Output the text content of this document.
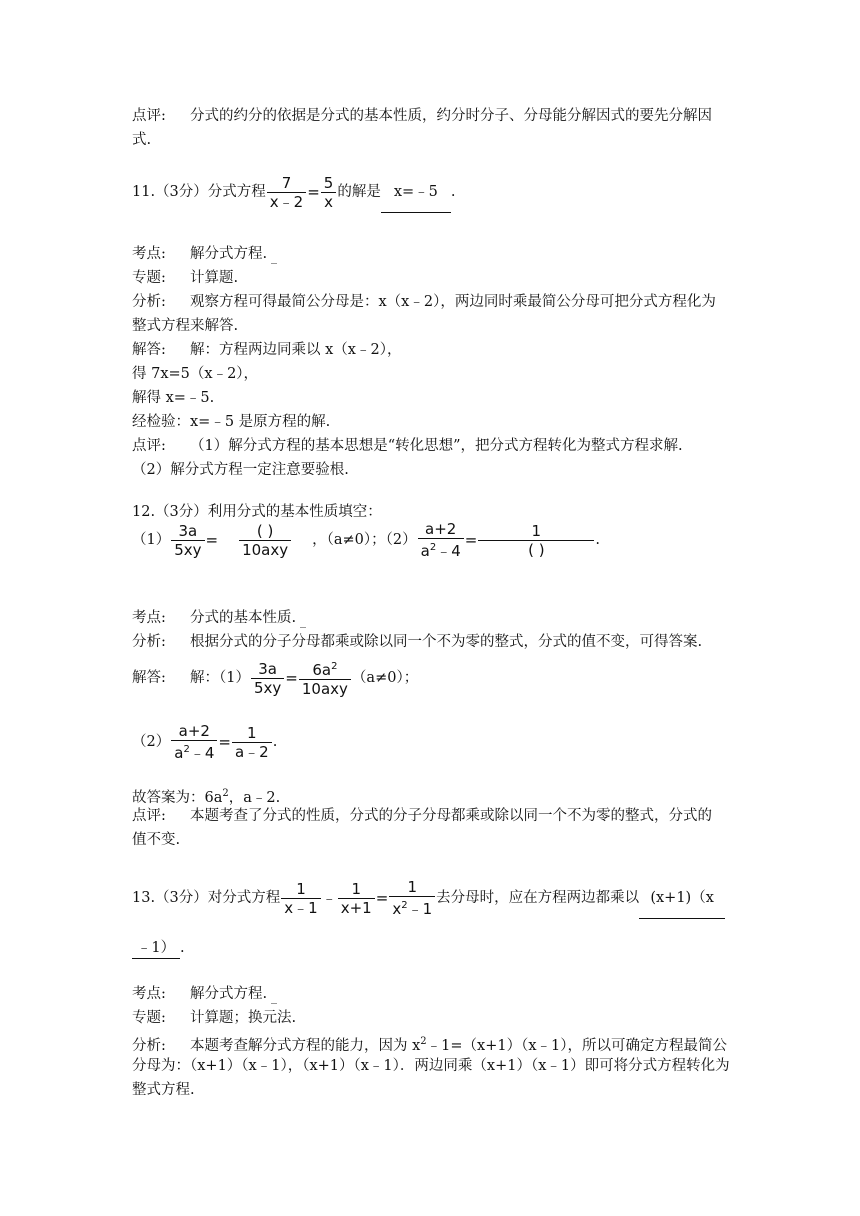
点评: 分式的约分的依据是分式的基本性质，约分时分子、分母能分解因式的要先分解因
式.
11.（3分）分式方程 $\frac{7}{x﹣2} = \frac{5}{x}$ 的解是 x=﹣5 .
考点: 解分式方程.
专题: 计算题.
分析: 观察方程可得最简公分母是：x（x﹣2），两边同时乘最简公分母可把分式方程化为
整式方程来解答.
解答: 解：方程两边同乘以 x（x﹣2），
得 7x=5（x﹣2），
解得 x=﹣5.
经检验：x=﹣5 是原方程的解.
点评: （1）解分式方程的基本思想是“转化思想”，把分式方程转化为整式方程求解.
（2）解分式方程一定注意要验根.
12.（3分）利用分式的基本性质填空：
$(1) \frac{3a}{5xy} = \frac{( )}{\text{10axy}}$ ，（a≠0）；$(2) \frac{a+2}{a^2﹣4} = \frac{1}{( )}$ .
考点: 分式的基本性质.
分析: 根据分式的分子分母都乘或除以同一个不为零的整式，分式的值不变，可得答案.
解答: 解：$(1) \frac{3a}{5xy} = \frac{6a^2}{\text{10axy}} (a\ne 0)$；
$(2) \frac{a+2}{a^2﹣4} = \frac{1}{a﹣2}$ .
故答案为：$6a^2$，a﹣2.
点评: 本题考查了分式的性质，分式的分子分母都乘或除以同一个不为零的整式，分式的
值不变.
13.（3分）对分式方程 $\frac{1}{x﹣1}$ ﹣ $\frac{1}{x+1} = \frac{1}{x^2﹣1}$ 去分母时，应在方程两边都乘以 (x+1)（x
﹣1） .
考点: 解分式方程.
专题: 计算题；换元法.
分析: 本题考查解分式方程的能力，因为 $x^2﹣1=(x+1)(x﹣1)$，所以可确定方程最简公
分母为：（x+1）（x﹣1），（x+1）（x﹣1）．两边同乘（x+1）（x﹣1）即可将分式方程转化为
整式方程.
